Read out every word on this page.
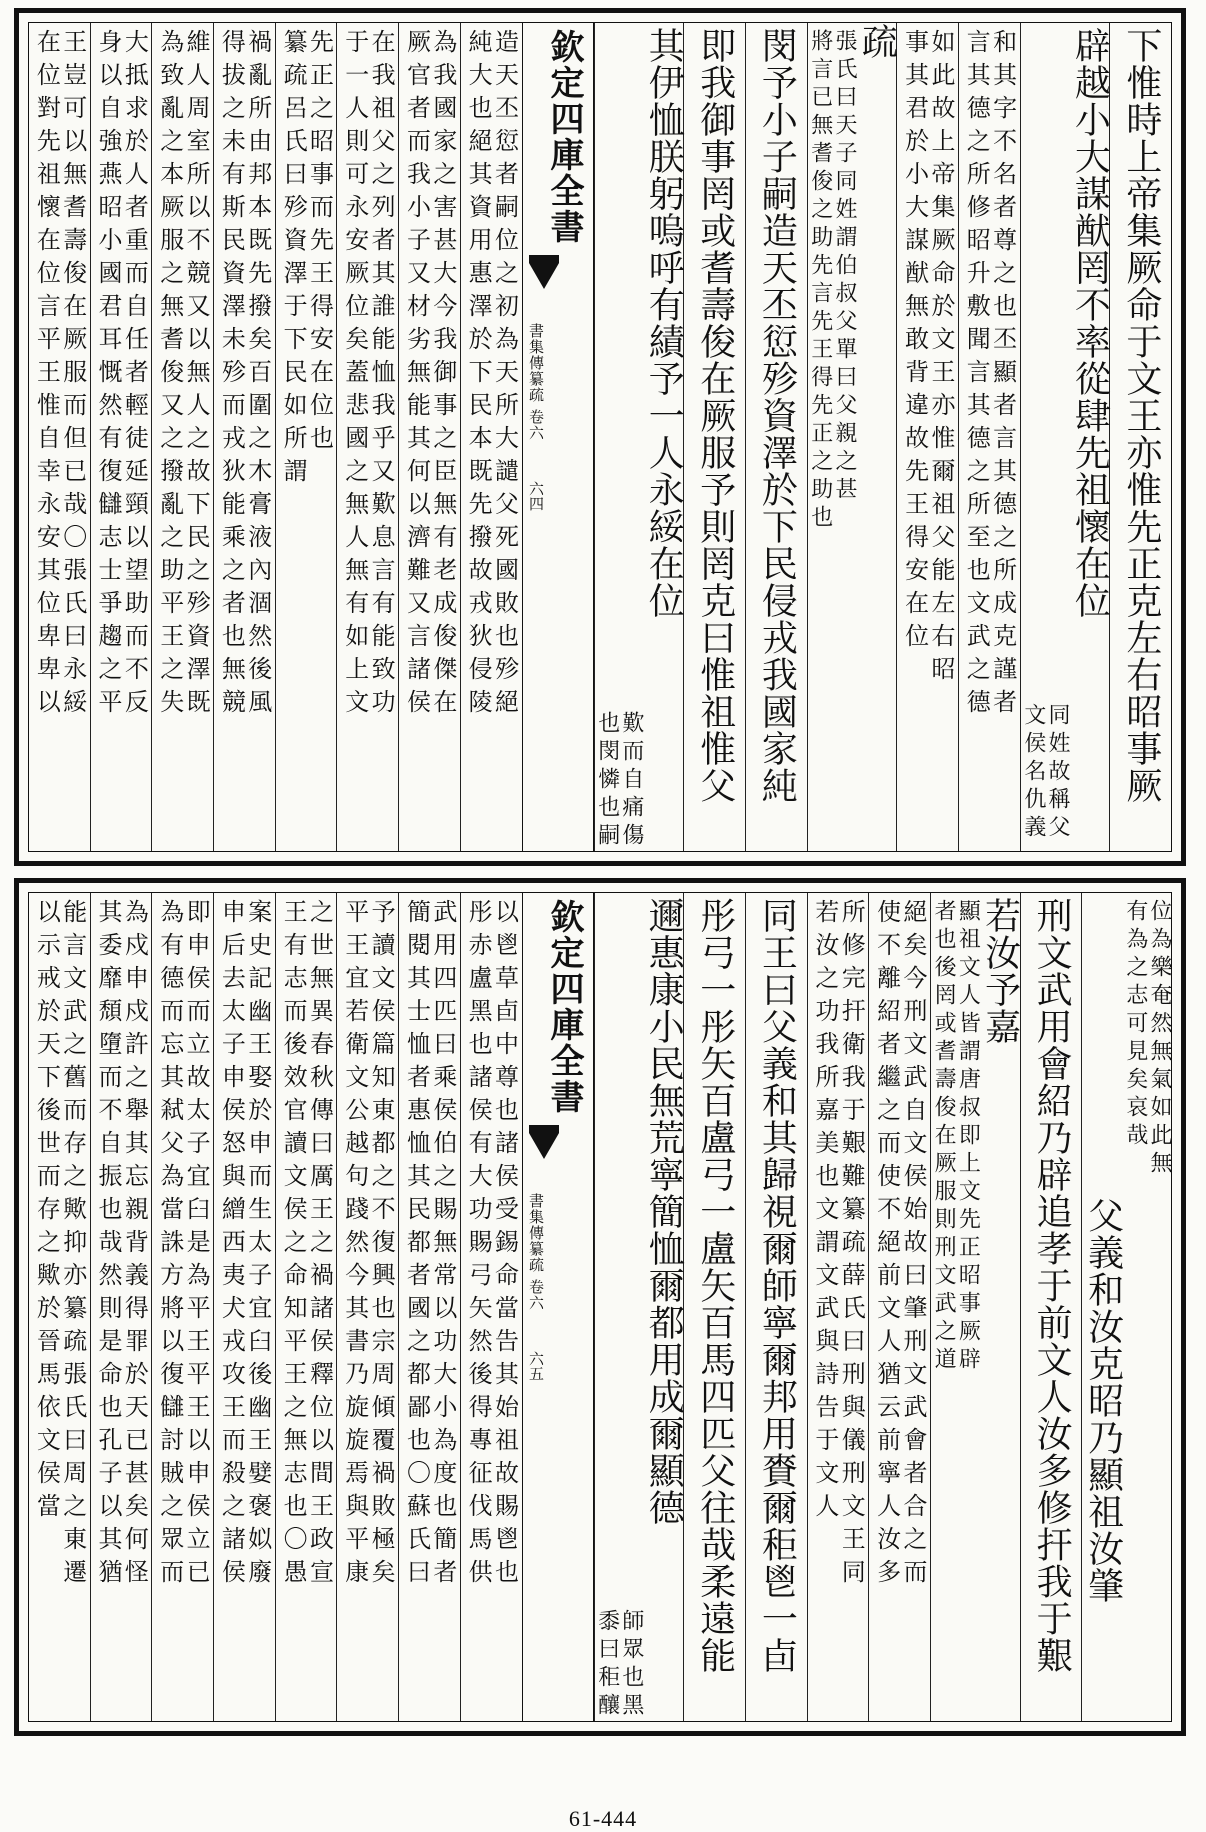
下惟時上帝集厥命于文王亦惟先正克左右昭事厥
辟越小大謀猷罔不率從肆先祖懷在位
同姓故稱父
文侯名仇義
和其字不名者尊之也丕顯者言其德之所成克謹者
言其德之所修昭升敷聞言其德之所至也文武之德
如此故上帝集厥命於文王亦惟爾祖父能左右昭
事其君於小大謀猷無敢背違故先王得安在位
疏
張氏曰天子同姓謂伯叔父單曰父親之甚
將言已無耆俊之助先言先王得先正之助也
閔予小子嗣造天丕愆殄資澤於下民侵戎我國家純
即我御事罔或耆壽俊在厥服予則罔克曰惟祖惟父
其伊恤朕躬嗚呼有績予一人永綏在位
歎而自痛傷
也閔憐也嗣
欽定四庫全書
書集傳纂疏
卷六
六四
造天丕愆者嗣位之初為天所大譴父死國敗也殄絕
純大也絕其資用惠澤於下民本既先撥故戎狄侵陵
為我國家之害甚大今我御事之臣無有老成俊傑在
厥官者而我小子又材劣無能其何以濟難又言諸侯
在我祖父之列者其誰能恤我乎又歎息言有能致功
于一人則可永安厥位矣蓋悲國之無人無有如上文
先正之昭事而先王得安在位也
纂疏呂氏曰殄資澤于下民如所謂
禍亂所由邦本既先撥矣百圍之木膏液內涸然後風
得拔之未有斯民資澤未殄而戎狄能乘之者也無競
維人周室所以不競又以無人之故下民之殄資澤既
為致亂之本厥服之無耆俊又之撥亂之助平王之失
大抵求於人者重而自任者輕徒延頸以望助而不反
身以自強燕昭小國君耳慨然有復讎志士爭趨之平
王豈可以無耆壽俊在厥服而但已哉〇張氏曰永綏
在位對先祖懷在位言平王惟自幸永安其位卑卑以
位為樂奄然無氣如此無
有為之志可見矣哀哉
父義和汝克昭乃顯祖汝肇
刑文武用會紹乃辟追孝于前文人汝多修扞我于艱
若汝予嘉
顯祖文人皆謂唐叔即上文先正昭事厥辟
者也後罔或耆壽俊在厥服則刑文武之道
絕矣今刑文武自文侯始故曰肇刑文武會者合之而
使不離紹者繼之而使不絕前文人猶云前寧人汝多
所修完扞衛我于艱難纂疏薛氏曰刑與儀刑文王同
若汝之功我所嘉美也文謂文武與詩告于文人
同王曰父義和其歸視爾師寧爾邦用賚爾秬鬯一卣
彤弓一彤矢百盧弓一盧矢百馬四匹父往哉柔遠能
邇惠康小民無荒寧簡恤爾都用成爾顯德
師眾也黑
黍曰秬釀
欽定四庫全書
書集傳纂疏
卷六
六五
以鬯草卣中尊也諸侯受錫命當告其始祖故賜鬯也
彤赤盧黑也諸侯有大功賜弓矢然後得專征伐馬供
武用四匹曰乘侯伯之賜無常以功大小為度也簡者
簡閱其士恤者惠恤其民都者國之都鄙也〇蘇氏曰
予讀文侯篇知東都之不復興也宗周傾覆禍敗極矣
平王宜若衛文公越句踐然今其書乃旋旋焉與平康
之世無異春秋傳曰厲王之禍諸侯釋位以間王政宣
王有志而後效官讀文侯之命知平王之無志也〇愚
案史記幽王娶於申而生太子宜臼後幽王嬖褒姒廢
申后去太子申侯怒與繒西夷犬戎攻王而殺之諸侯
即申侯而立故太子宜臼是為平王平王以申侯立已
為有德而忘其弒父為當誅方將以復讎討賊之眾而
為戍申戍許之舉其忘親背義得罪於天已甚矣何怪
其委靡頹墮而不自振也哉然則是命也孔子以其猶
能言文武之舊而存之歟抑亦纂疏張氏曰周之東遷
以示戒於天下後世而存之歟於晉馬依文侯當
61-444
